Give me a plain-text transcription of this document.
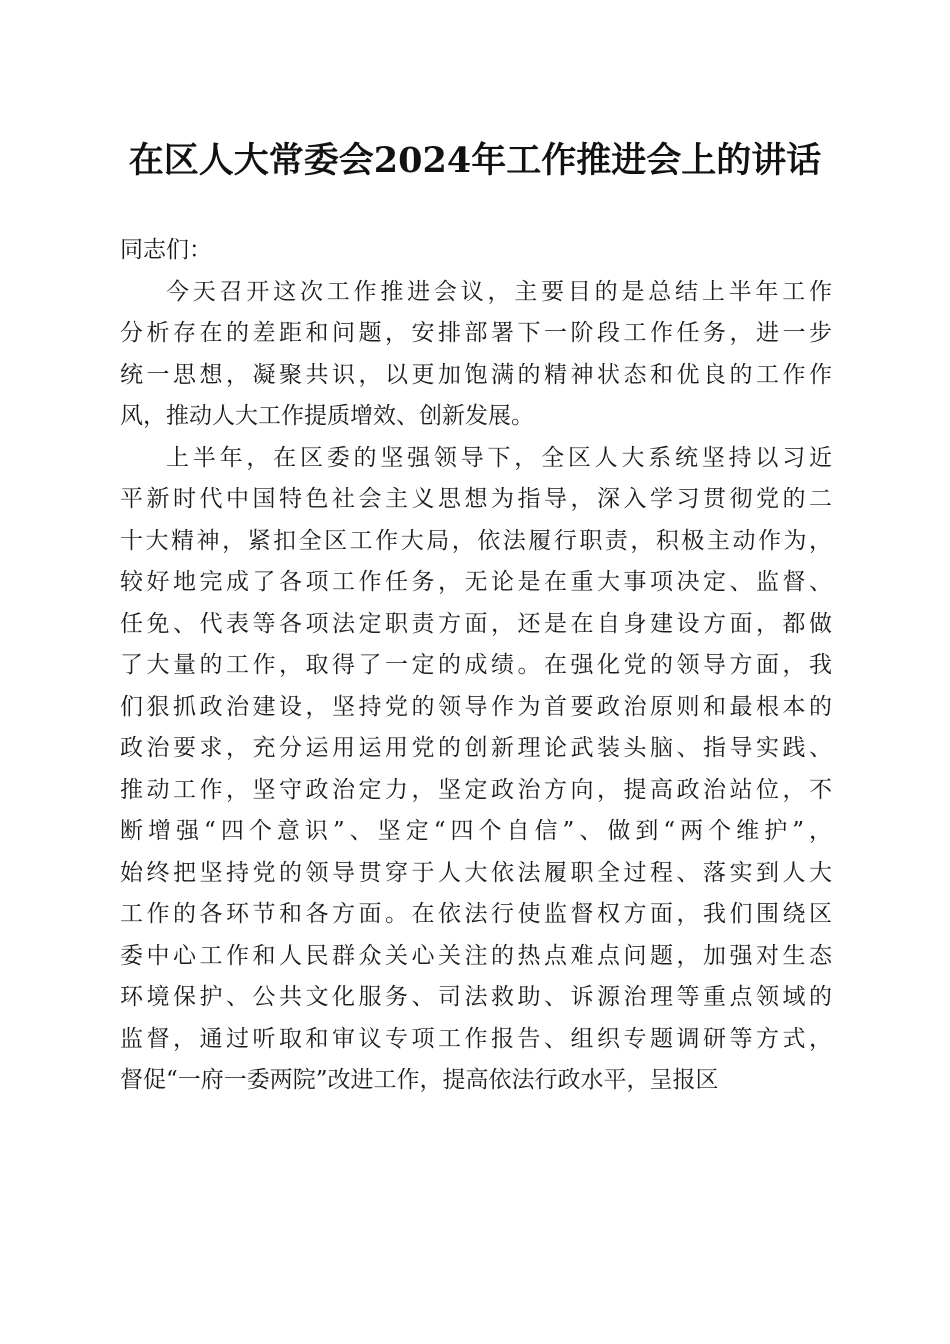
在区人大常委会2024年工作推进会上的讲话
同志们：
今天召开这次工作推进会议，主要目的是总结上半年工作
分析存在的差距和问题，安排部署下一阶段工作任务，进一步
统一思想，凝聚共识，以更加饱满的精神状态和优良的工作作
风，推动人大工作提质增效、创新发展。
上半年，在区委的坚强领导下，全区人大系统坚持以习近
平新时代中国特色社会主义思想为指导，深入学习贯彻党的二
十大精神，紧扣全区工作大局，依法履行职责，积极主动作为，
较好地完成了各项工作任务，无论是在重大事项决定、监督、
任免、代表等各项法定职责方面，还是在自身建设方面，都做
了大量的工作，取得了一定的成绩。在强化党的领导方面，我
们狠抓政治建设，坚持党的领导作为首要政治原则和最根本的
政治要求，充分运用运用党的创新理论武装头脑、指导实践、
推动工作，坚守政治定力，坚定政治方向，提高政治站位，不
断增强“四个意识”、坚定“四个自信”、做到“两个维护”，
始终把坚持党的领导贯穿于人大依法履职全过程、落实到人大
工作的各环节和各方面。在依法行使监督权方面，我们围绕区
委中心工作和人民群众关心关注的热点难点问题，加强对生态
环境保护、公共文化服务、司法救助、诉源治理等重点领域的
监督，通过听取和审议专项工作报告、组织专题调研等方式，
督促“一府一委两院”改进工作，提高依法行政水平，呈报区
